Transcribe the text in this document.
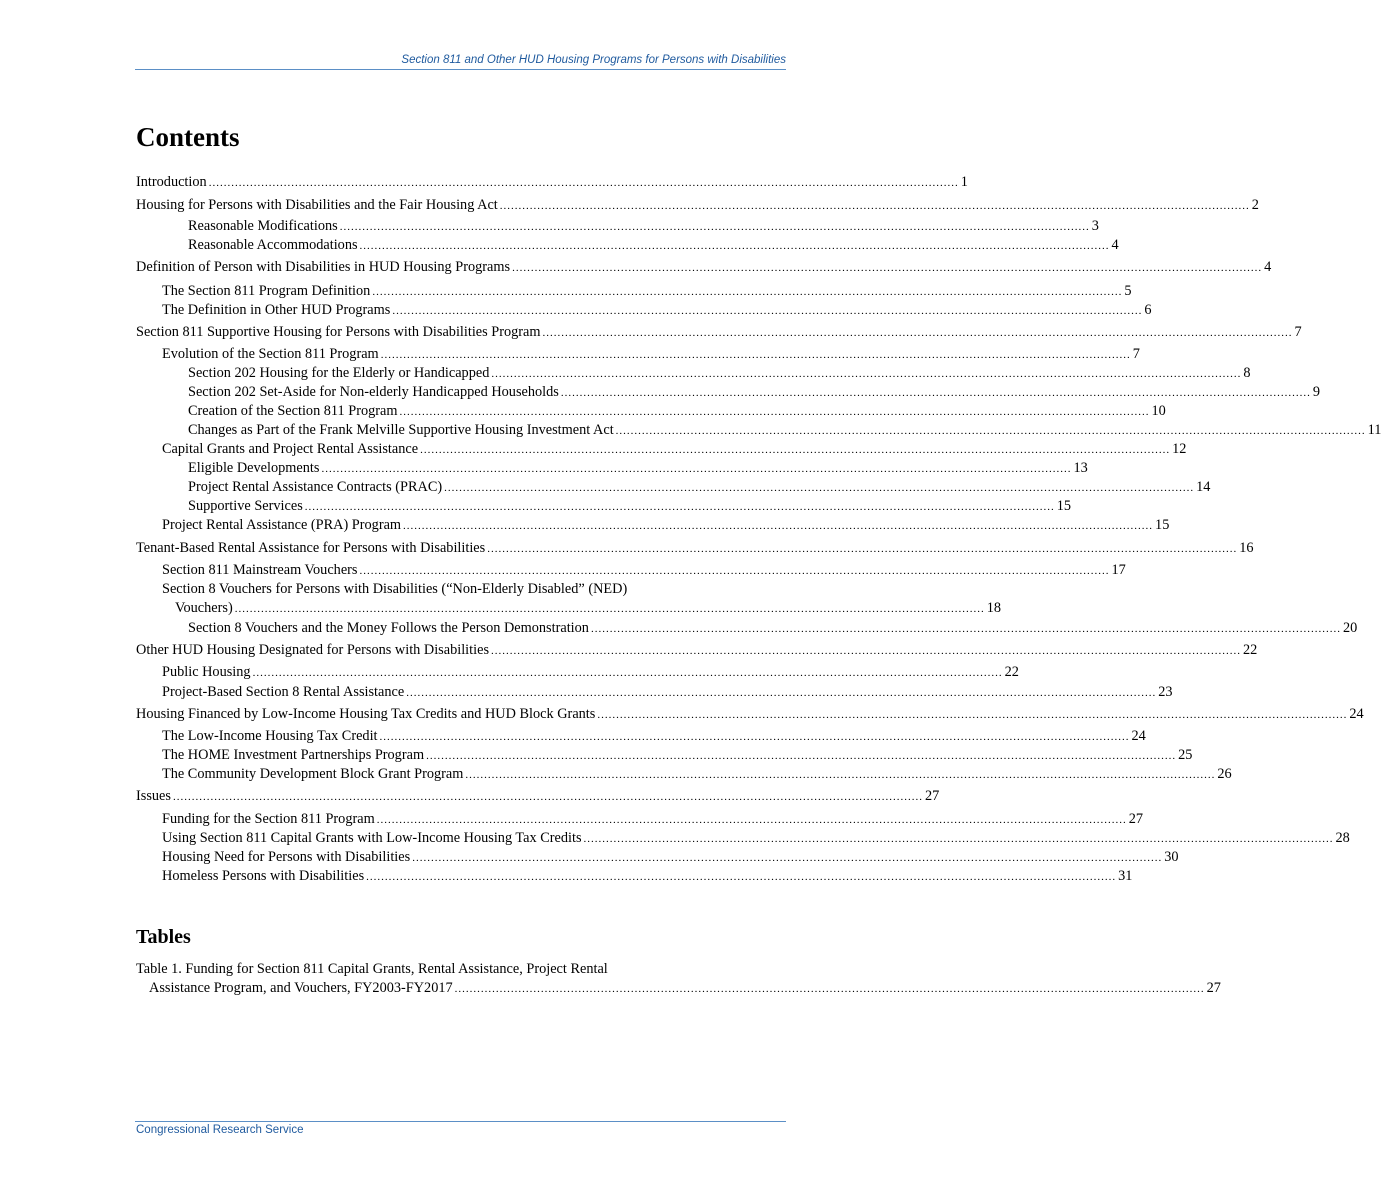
Section 811 and Other HUD Housing Programs for Persons with Disabilities
Contents
Introduction ........................................................................................................................................................................................................ 1
Housing for Persons with Disabilities and the Fair Housing Act ........................................................................................................................................................................................................ 2
Reasonable Modifications ........................................................................................................................................................................................................ 3
Reasonable Accommodations ........................................................................................................................................................................................................ 4
Definition of Person with Disabilities in HUD Housing Programs ........................................................................................................................................................................................................ 4
The Section 811 Program Definition ........................................................................................................................................................................................................ 5
The Definition in Other HUD Programs ........................................................................................................................................................................................................ 6
Section 811 Supportive Housing for Persons with Disabilities Program ........................................................................................................................................................................................................ 7
Evolution of the Section 811 Program ........................................................................................................................................................................................................ 7
Section 202 Housing for the Elderly or Handicapped ........................................................................................................................................................................................................ 8
Section 202 Set-Aside for Non-elderly Handicapped Households ........................................................................................................................................................................................................ 9
Creation of the Section 811 Program ........................................................................................................................................................................................................ 10
Changes as Part of the Frank Melville Supportive Housing Investment Act ........................................................................................................................................................................................................ 11
Capital Grants and Project Rental Assistance ........................................................................................................................................................................................................ 12
Eligible Developments ........................................................................................................................................................................................................ 13
Project Rental Assistance Contracts (PRAC) ........................................................................................................................................................................................................ 14
Supportive Services ........................................................................................................................................................................................................ 15
Project Rental Assistance (PRA) Program ........................................................................................................................................................................................................ 15
Tenant-Based Rental Assistance for Persons with Disabilities ........................................................................................................................................................................................................ 16
Section 811 Mainstream Vouchers ........................................................................................................................................................................................................ 17
Section 8 Vouchers for Persons with Disabilities (“Non-Elderly Disabled” (NED)
Vouchers) ........................................................................................................................................................................................................ 18
Section 8 Vouchers and the Money Follows the Person Demonstration ........................................................................................................................................................................................................ 20
Other HUD Housing Designated for Persons with Disabilities ........................................................................................................................................................................................................ 22
Public Housing ........................................................................................................................................................................................................ 22
Project-Based Section 8 Rental Assistance ........................................................................................................................................................................................................ 23
Housing Financed by Low-Income Housing Tax Credits and HUD Block Grants ........................................................................................................................................................................................................ 24
The Low-Income Housing Tax Credit ........................................................................................................................................................................................................ 24
The HOME Investment Partnerships Program ........................................................................................................................................................................................................ 25
The Community Development Block Grant Program ........................................................................................................................................................................................................ 26
Issues ........................................................................................................................................................................................................ 27
Funding for the Section 811 Program ........................................................................................................................................................................................................ 27
Using Section 811 Capital Grants with Low-Income Housing Tax Credits ........................................................................................................................................................................................................ 28
Housing Need for Persons with Disabilities ........................................................................................................................................................................................................ 30
Homeless Persons with Disabilities ........................................................................................................................................................................................................ 31
Tables
Table 1. Funding for Section 811 Capital Grants, Rental Assistance, Project Rental
Assistance Program, and Vouchers, FY2003-FY2017 ........................................................................................................................................................................................................ 27
Congressional Research Service
